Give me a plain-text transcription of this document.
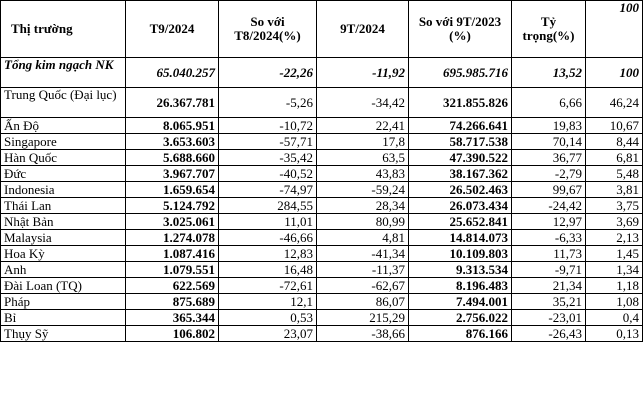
Thị trường	T9/2024	So với T8/2024(%)	9T/2024	So với 9T/2023 (%)	Tỷ trọng(%)	100
Tổng kim ngạch NK	65.040.257	-22,26	-11,92	695.985.716	13,52	100
Trung Quốc (Đại lục)	26.367.781	-5,26	-34,42	321.855.826	6,66	46,24
Ấn Độ	8.065.951	-10,72	22,41	74.266.641	19,83	10,67
Singapore	3.653.603	-57,71	17,8	58.717.538	70,14	8,44
Hàn Quốc	5.688.660	-35,42	63,5	47.390.522	36,77	6,81
Đức	3.967.707	-40,52	43,83	38.167.362	-2,79	5,48
Indonesia	1.659.654	-74,97	-59,24	26.502.463	99,67	3,81
Thái Lan	5.124.792	284,55	28,34	26.073.434	-24,42	3,75
Nhật Bản	3.025.061	11,01	80,99	25.652.841	12,97	3,69
Malaysia	1.274.078	-46,66	4,81	14.814.073	-6,33	2,13
Hoa Kỳ	1.087.416	12,83	-41,34	10.109.803	11,73	1,45
Anh	1.079.551	16,48	-11,37	9.313.534	-9,71	1,34
Đài Loan (TQ)	622.569	-72,61	-62,67	8.196.483	21,34	1,18
Pháp	875.689	12,1	86,07	7.494.001	35,21	1,08
Bỉ	365.344	0,53	215,29	2.756.022	-23,01	0,4
Thụy Sỹ	106.802	23,07	-38,66	876.166	-26,43	0,13
